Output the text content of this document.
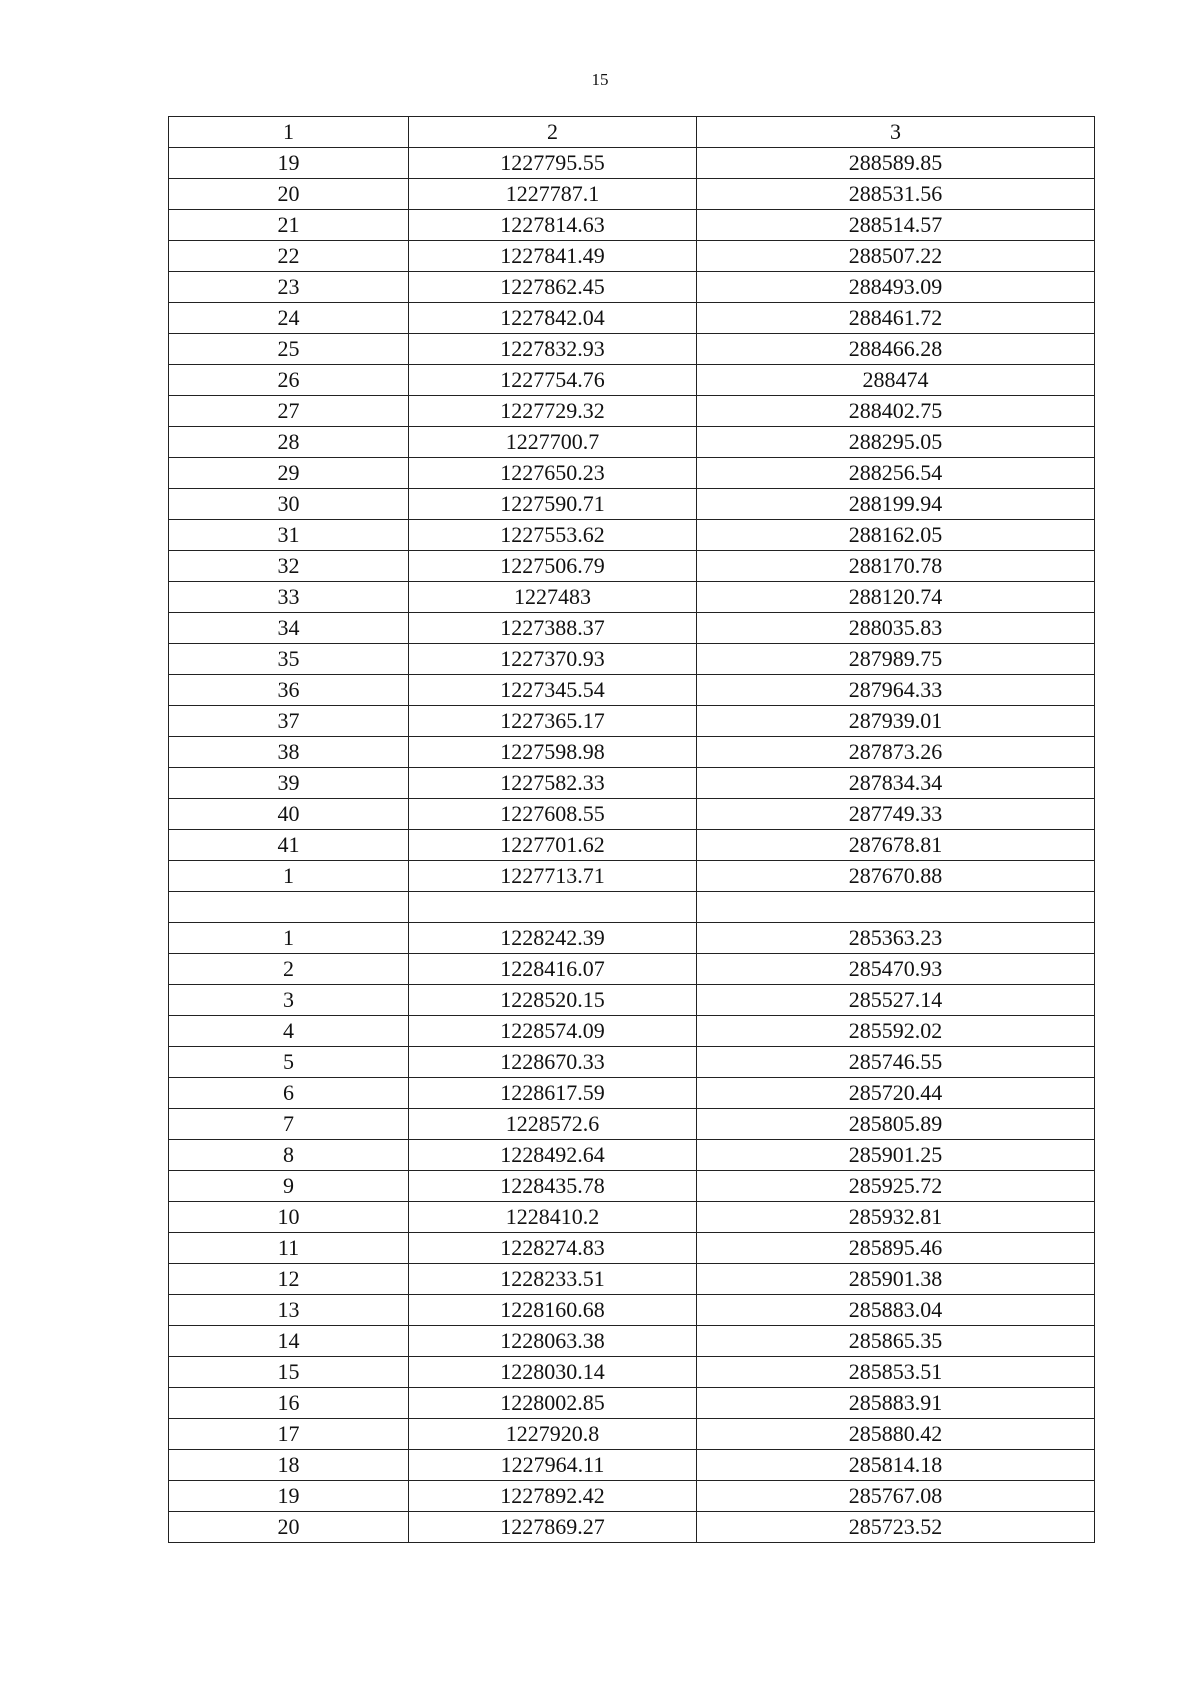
15
1	2	3
19	1227795.55	288589.85
20	1227787.1	288531.56
21	1227814.63	288514.57
22	1227841.49	288507.22
23	1227862.45	288493.09
24	1227842.04	288461.72
25	1227832.93	288466.28
26	1227754.76	288474
27	1227729.32	288402.75
28	1227700.7	288295.05
29	1227650.23	288256.54
30	1227590.71	288199.94
31	1227553.62	288162.05
32	1227506.79	288170.78
33	1227483	288120.74
34	1227388.37	288035.83
35	1227370.93	287989.75
36	1227345.54	287964.33
37	1227365.17	287939.01
38	1227598.98	287873.26
39	1227582.33	287834.34
40	1227608.55	287749.33
41	1227701.62	287678.81
1	1227713.71	287670.88

1	1228242.39	285363.23
2	1228416.07	285470.93
3	1228520.15	285527.14
4	1228574.09	285592.02
5	1228670.33	285746.55
6	1228617.59	285720.44
7	1228572.6	285805.89
8	1228492.64	285901.25
9	1228435.78	285925.72
10	1228410.2	285932.81
11	1228274.83	285895.46
12	1228233.51	285901.38
13	1228160.68	285883.04
14	1228063.38	285865.35
15	1228030.14	285853.51
16	1228002.85	285883.91
17	1227920.8	285880.42
18	1227964.11	285814.18
19	1227892.42	285767.08
20	1227869.27	285723.52
